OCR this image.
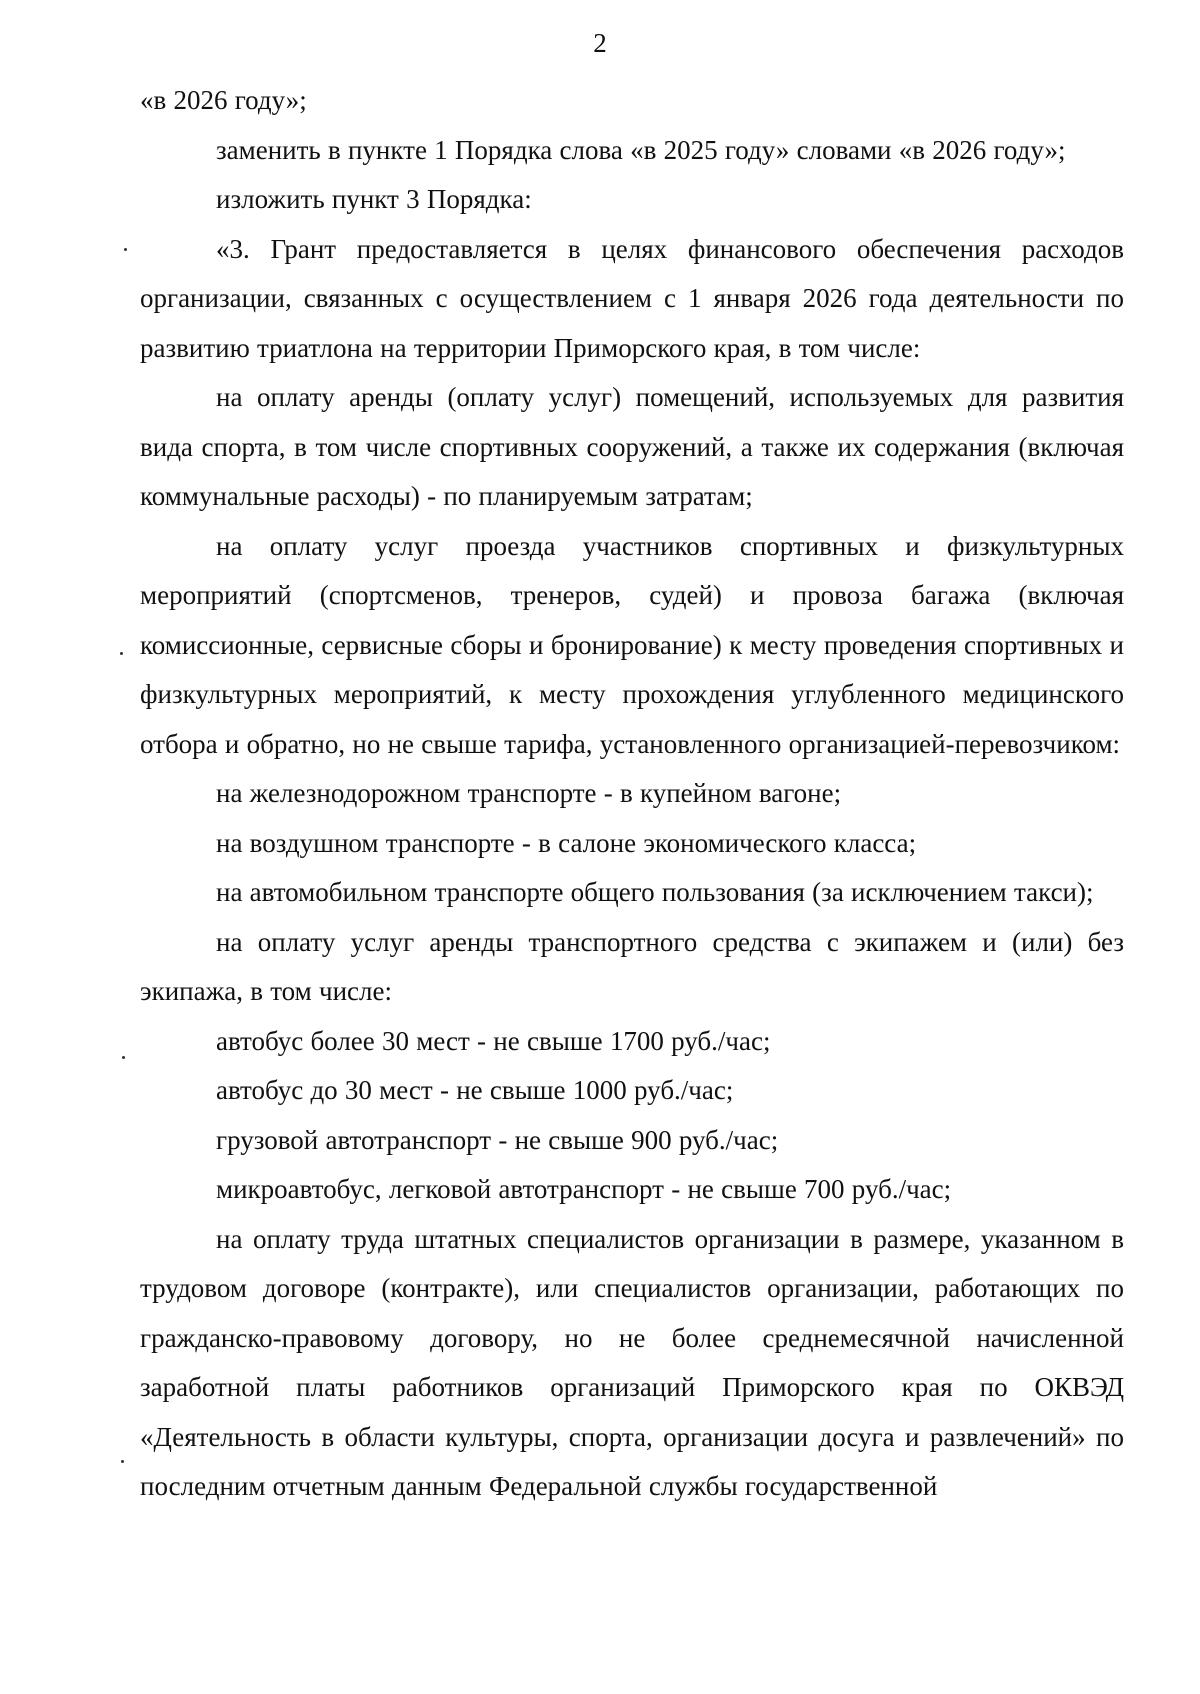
2

«в 2026 году»;

заменить в пункте 1 Порядка слова «в 2025 году» словами «в 2026 году»;

изложить пункт 3 Порядка:

«3. Грант предоставляется в целях финансового обеспечения расходов организации, связанных с осуществлением с 1 января 2026 года деятельности по развитию триатлона на территории Приморского края, в том числе:

на оплату аренды (оплату услуг) помещений, используемых для развития вида спорта, в том числе спортивных сооружений, а также их содержания (включая коммунальные расходы) - по планируемым затратам;

на оплату услуг проезда участников спортивных и физкультурных мероприятий (спортсменов, тренеров, судей) и провоза багажа (включая комиссионные, сервисные сборы и бронирование) к месту проведения спортивных и физкультурных мероприятий, к месту прохождения углубленного медицинского отбора и обратно, но не свыше тарифа, установленного организацией-перевозчиком:

на железнодорожном транспорте - в купейном вагоне;

на воздушном транспорте - в салоне экономического класса;

на автомобильном транспорте общего пользования (за исключением такси);

на оплату услуг аренды транспортного средства с экипажем и (или) без экипажа, в том числе:

автобус более 30 мест - не свыше 1700 руб./час;

автобус до 30 мест - не свыше 1000 руб./час;

грузовой автотранспорт - не свыше 900 руб./час;

микроавтобус, легковой автотранспорт - не свыше 700 руб./час;

на оплату труда штатных специалистов организации в размере, указанном в трудовом договоре (контракте), или специалистов организации, работающих по гражданско-правовому договору, но не более среднемесячной начисленной заработной платы работников организаций Приморского края по ОКВЭД «Деятельность в области культуры, спорта, организации досуга и развлечений» по последним отчетным данным Федеральной службы государственной
